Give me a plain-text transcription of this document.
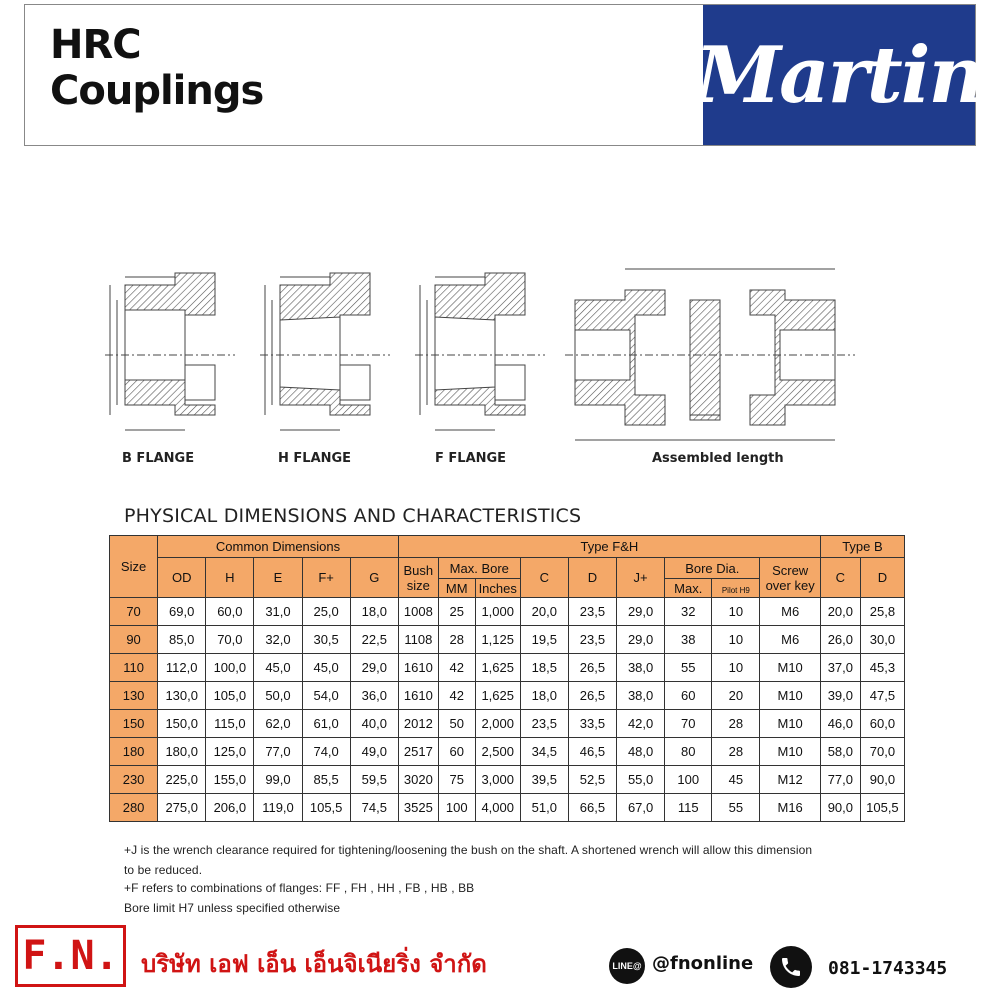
HRC
Couplings	Martin
B FLANGE	H FLANGE	F FLANGE	Assembled length
PHYSICAL DIMENSIONS AND CHARACTERISTICS
Size	Common Dimensions					Type F&H									Type B	
	OD	H	E	F+	G	Bush size	Max. Bore		C	D	J+	Bore Dia.		Screw over key	C	D
							MM	Inches				Max.	Pilot H9			
70	69,0	60,0	31,0	25,0	18,0	1008	25	1,000	20,0	23,5	29,0	32	10	M6	20,0	25,8
90	85,0	70,0	32,0	30,5	22,5	1108	28	1,125	19,5	23,5	29,0	38	10	M6	26,0	30,0
110	112,0	100,0	45,0	45,0	29,0	1610	42	1,625	18,5	26,5	38,0	55	10	M10	37,0	45,3
130	130,0	105,0	50,0	54,0	36,0	1610	42	1,625	18,0	26,5	38,0	60	20	M10	39,0	47,5
150	150,0	115,0	62,0	61,0	40,0	2012	50	2,000	23,5	33,5	42,0	70	28	M10	46,0	60,0
180	180,0	125,0	77,0	74,0	49,0	2517	60	2,500	34,5	46,5	48,0	80	28	M10	58,0	70,0
230	225,0	155,0	99,0	85,5	59,5	3020	75	3,000	39,5	52,5	55,0	100	45	M12	77,0	90,0
280	275,0	206,0	119,0	105,5	74,5	3525	100	4,000	51,0	66,5	67,0	115	55	M16	90,0	105,5
+J is the wrench clearance required for tightening/loosening the bush on the shaft. A shortened wrench will allow this dimension
to be reduced.
+F refers to combinations of flanges: FF , FH , HH , FB , HB , BB
Bore limit H7 unless specified otherwise
F.N. บริษัท เอฟ เอ็น เอ็นจิเนียริ่ง จำกัด	LINE@ @fnonline	081-1743345
